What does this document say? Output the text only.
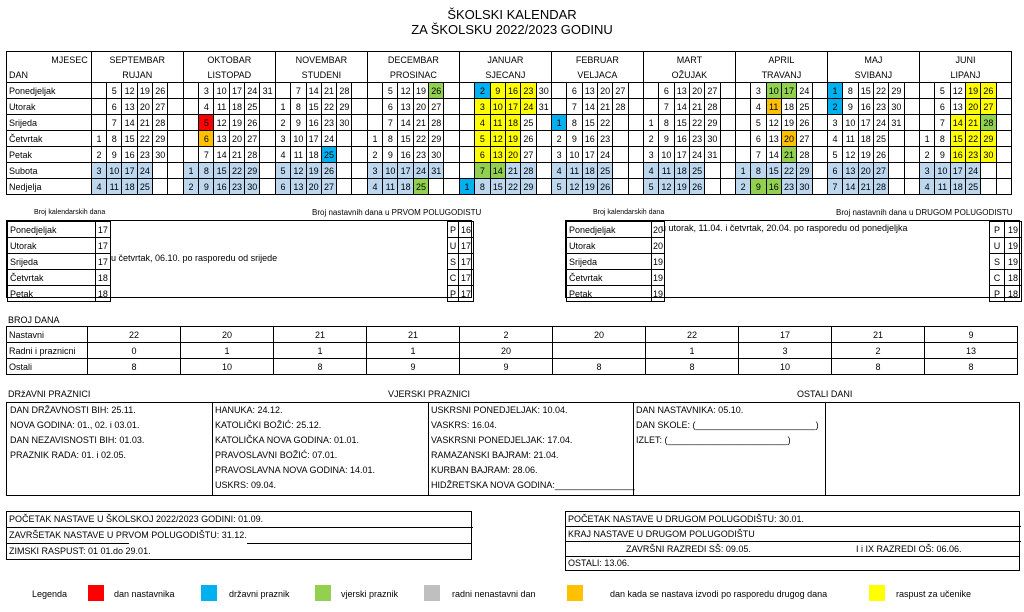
ŠKOLSKI KALENDAR
ZA ŠKOLSKU 2022/2023 GODINU
MJESEC	SEPTEMBAR						OKTOBAR						NOVEMBAR						DECEMBAR						JANUAR						FEBRUAR						MART						APRIL						MAJ						JUNI					
DAN	RUJAN						LISTOPAD						STUDENI						PROSINAC						SJECANJ						VELJACA						OŽUJAK						TRAVANJ						SVIBANJ						LIPANJ					
Ponedjeljak		5	12	19	26			3	10	17	24	31		7	14	21	28			5	12	19	26			2	9	16	23	30		6	13	20	27			6	13	20	27			3	10	17	24		1	8	15	22	29			5	12	19	26	
Utorak		6	13	20	27			4	11	18	25		1	8	15	22	29			6	13	20	27			3	10	17	24	31		7	14	21	28			7	14	21	28			4	11	18	25		2	9	16	23	30			6	13	20	27	
Srijeda		7	14	21	28			5	12	19	26		2	9	16	23	30			7	14	21	28			4	11	18	25		1	8	15	22			1	8	15	22	29			5	12	19	26		3	10	17	24	31			7	14	21	28	
Četvrtak	1	8	15	22	29			6	13	20	27		3	10	17	24			1	8	15	22	29			5	12	19	26		2	9	16	23			2	9	16	23	30			6	13	20	27		4	11	18	25			1	8	15	22	29	
Petak	2	9	16	23	30			7	14	21	28		4	11	18	25			2	9	16	23	30			6	13	20	27		3	10	17	24			3	10	17	24	31			7	14	21	28		5	12	19	26			2	9	16	23	30	
Subota	3	10	17	24			1	8	15	22	29		5	12	19	26			3	10	17	24	31			7	14	21	28		4	11	18	25			4	11	18	25			1	8	15	22	29		6	13	20	27			3	10	17	24		
Nedjelja	4	11	18	25			2	9	16	23	30		6	13	20	27			4	11	18	25			1	8	15	22	29		5	12	19	26			5	12	19	26			2	9	16	23	30		7	14	21	28			4	11	18	25		
Broj kalendarskih dana	Broj nastavnih dana u PRVOM POLUGODISTU
Ponedjeljak	17
Utorak	17
Srijeda	17
Četvrtak	18
Petak	18
u četvrtak, 06.10. po rasporedu od srijede
P	16
U	17
S	17
C	17
P	17
Broj kalendarskih dana	Broj nastavnih dana u DRUGOM POLUGODISTU
Ponedjeljak	20
Utorak	20
Srijeda	19
Četvrtak	19
Petak	19
u utorak, 11.04. i četvrtak, 20.04. po rasporedu od ponedjeljka	P	19
U	19
S	19
C	18
P	18
BROJ DANA
Nastavni	22	20	21	21	2	20	22	17	21	9
Radni i praznicni	0	1	1	1	20		1	3	2	13
Ostali	8	10	8	9	9	8	8	10	8	8
DRžAVNI PRAZNICI	VJERSKI PRAZNICI	OSTALI DANI
DAN DRŽAVNOSTI BIH: 25.11.
NOVA GODINA: 01., 02. i 03.01.
DAN NEZAVISNOSTI BIH: 01.03.
PRAZNIK RADA: 01. i 02.05.
HANUKA: 24.12.
KATOLIČKI BOŽIĆ: 25.12.
KATOLIČKA NOVA GODINA: 01.01.
PRAVOSLAVNI BOŽIĆ: 07.01.
PRAVOSLAVNA NOVA GODINA: 14.01.
USKRS: 09.04.
USKRSNI PONEDJELJAK: 10.04.
VASKRS: 16.04.
VASKRSNI PONEDJELJAK: 17.04.
RAMAZANSKI BAJRAM: 21.04.
KURBAN BAJRAM: 28.06.
HIDŽRETSKA NOVA GODINA:________________
DAN NASTAVNIKA: 05.10.
DAN SKOLE: (________________________)
IZLET: (________________________)
POČETAK NASTAVE U ŠKOLSKOJ 2022/2023 GODINI: 01.09.
ZAVRŠETAK NASTAVE U PRVOM POLUGODIŠTU: 31.12.
ZIMSKI RASPUST: 01 01.do 29.01.
POČETAK NASTAVE U DRUGOM POLUGODIŠTU: 30.01.
KRAJ NASTAVE U DRUGOM POLUGODIŠTU
ZAVRŠNI RAZREDI SŠ: 09.05.	I i IX RAZREDI OŠ: 06.06.
OSTALI: 13.06.
Legenda	dan nastavnika	državni praznik	vjerski praznik	radni nenastavni dan	dan kada se nastava izvodi po rasporedu drugog dana	raspust za učenike
